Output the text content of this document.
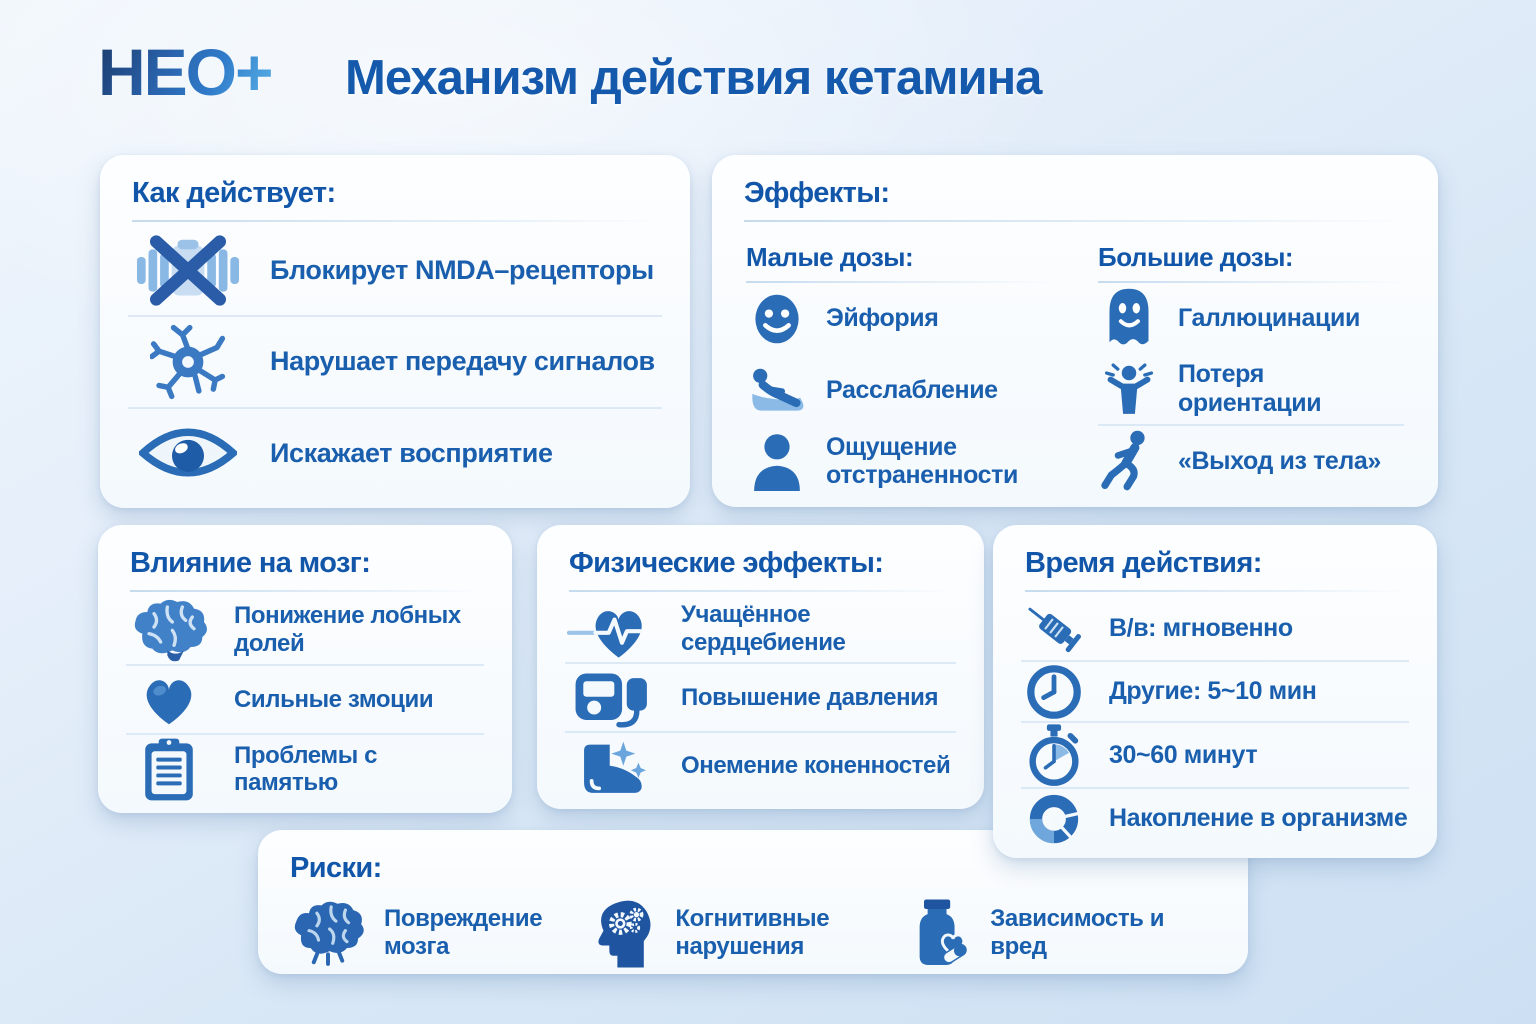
НЕО+ Механизм действия кетамина
Как действует:
Блокирует NMDA–рецепторы
Нарушает передачу сигналов
Искажает восприятие
Эффекты:
Малые дозы:
Эйфория
Расслабление
Ощущение отстраненности
Большие дозы:
Галлюцинации
Потеря ориентации
«Выход из тела»
Влияние на мозг:
Понижение лобных долей
Сильные змоции
Проблемы с памятью
Физические эффекты:
Учащённое сердцебиение
Повышение давления
Онемение коненностей
Время действия:
В/в: мгновенно
Другие: 5~10 мин
30~60 минут
Накопление в организме
Риски:
Повреждение мозга
Когнитивные нарушения
Зависимость и вред
